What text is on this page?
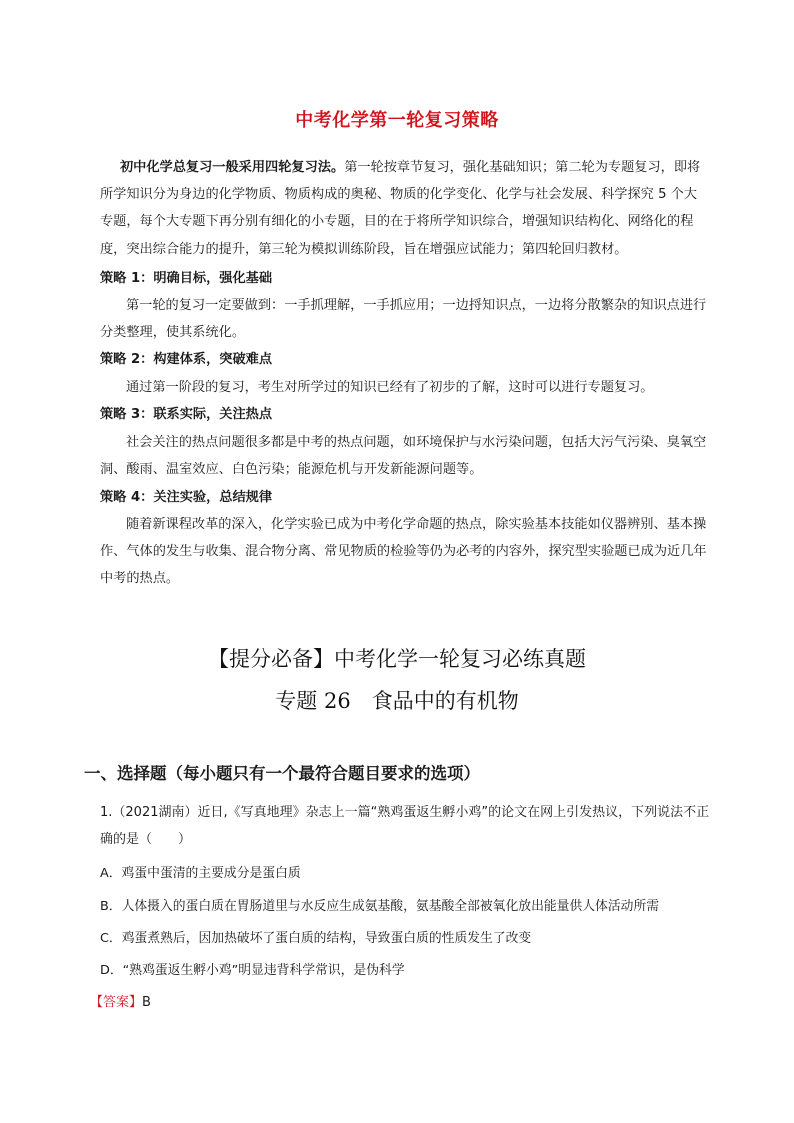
中考化学第一轮复习策略

初中化学总复习一般采用四轮复习法。第一轮按章节复习，强化基础知识；第二轮为专题复习，即将所学知识分为身边的化学物质、物质构成的奥秘、物质的化学变化、化学与社会发展、科学探究 5 个大专题，每个大专题下再分别有细化的小专题，目的在于将所学知识综合，增强知识结构化、网络化的程度，突出综合能力的提升，第三轮为模拟训练阶段，旨在增强应试能力；第四轮回归教材。

策略 1：明确目标，强化基础

第一轮的复习一定要做到：一手抓理解，一手抓应用；一边捋知识点，一边将分散繁杂的知识点进行分类整理，使其系统化。

策略 2：构建体系，突破难点

通过第一阶段的复习，考生对所学过的知识已经有了初步的了解，这时可以进行专题复习。

策略 3：联系实际，关注热点

社会关注的热点问题很多都是中考的热点问题，如环境保护与水污染问题，包括大污气污染、臭氧空洞、酸雨、温室效应、白色污染；能源危机与开发新能源问题等。

策略 4：关注实验，总结规律

随着新课程改革的深入，化学实验已成为中考化学命题的热点，除实验基本技能如仪器辨别、基本操作、气体的发生与收集、混合物分离、常见物质的检验等仍为必考的内容外，探究型实验题已成为近几年中考的热点。

【提分必备】中考化学一轮复习必练真题
专题 26　食品中的有机物

一、选择题（每小题只有一个最符合题目要求的选项）

1.（2021湖南）近日,《写真地理》杂志上一篇“熟鸡蛋返生孵小鸡”的论文在网上引发热议，下列说法不正确的是（　　）

A．鸡蛋中蛋清的主要成分是蛋白质

B．人体摄入的蛋白质在胃肠道里与水反应生成氨基酸，氨基酸全部被氧化放出能量供人体活动所需

C．鸡蛋煮熟后，因加热破坏了蛋白质的结构，导致蛋白质的性质发生了改变

D．“熟鸡蛋返生孵小鸡”明显违背科学常识，是伪科学

【答案】B
